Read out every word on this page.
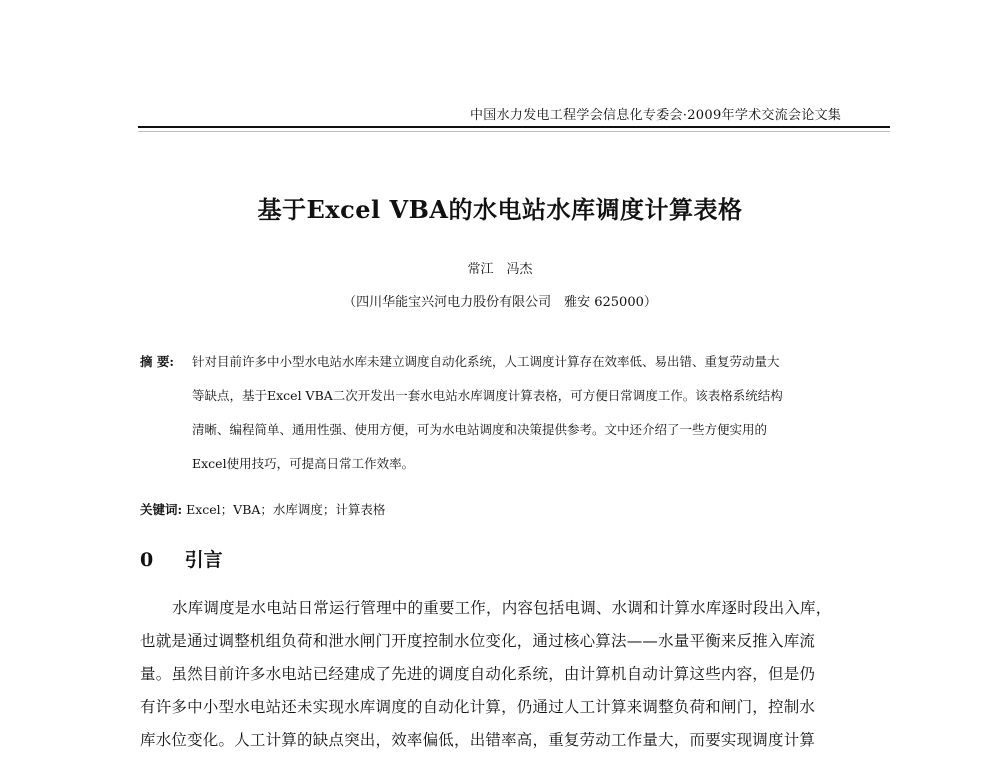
中国水力发电工程学会信息化专委会·2009年学术交流会论文集
基于Excel VBA的水电站水库调度计算表格
常江　冯杰
（四川华能宝兴河电力股份有限公司　雅安 625000）
摘 要: 针对目前许多中小型水电站水库未建立调度自动化系统，人工调度计算存在效率低、易出错、重复劳动量大
等缺点，基于Excel VBA二次开发出一套水电站水库调度计算表格，可方便日常调度工作。该表格系统结构
清晰、编程简单、通用性强、使用方便，可为水电站调度和决策提供参考。文中还介绍了一些方便实用的
Excel使用技巧，可提高日常工作效率。
关键词: Excel；VBA；水库调度；计算表格
0 引言
水库调度是水电站日常运行管理中的重要工作，内容包括电调、水调和计算水库逐时段出入库，
也就是通过调整机组负荷和泄水闸门开度控制水位变化，通过核心算法——水量平衡来反推入库流
量。虽然目前许多水电站已经建成了先进的调度自动化系统，由计算机自动计算这些内容，但是仍
有许多中小型水电站还未实现水库调度的自动化计算，仍通过人工计算来调整负荷和闸门，控制水
库水位变化。人工计算的缺点突出，效率偏低，出错率高，重复劳动工作量大，而要实现调度计算
